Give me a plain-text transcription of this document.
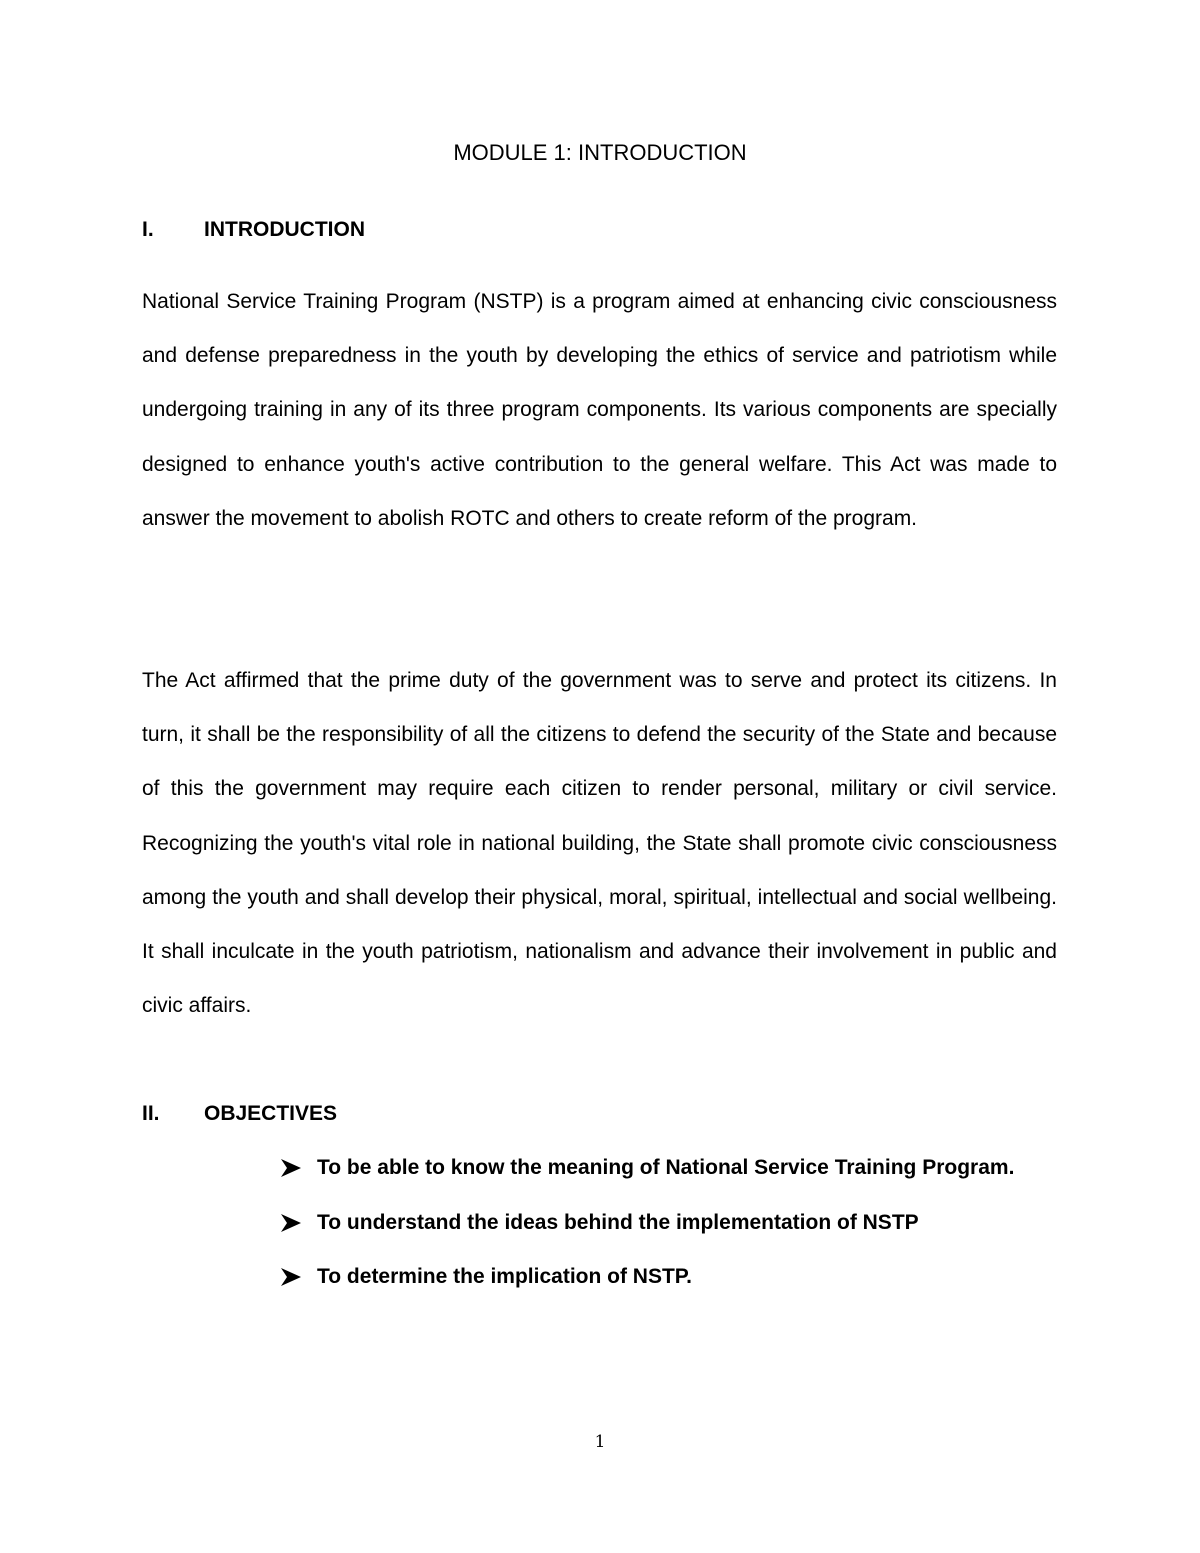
MODULE 1: INTRODUCTION
I. INTRODUCTION

National Service Training Program (NSTP) is a program aimed at enhancing civic consciousness and defense preparedness in the youth by developing the ethics of service and patriotism while undergoing training in any of its three program components. Its various components are specially designed to enhance youth's active contribution to the general welfare. This Act was made to answer the movement to abolish ROTC and others to create reform of the program.

The Act affirmed that the prime duty of the government was to serve and protect its citizens. In turn, it shall be the responsibility of all the citizens to defend the security of the State and because of this the government may require each citizen to render personal, military or civil service. Recognizing the youth's vital role in national building, the State shall promote civic consciousness among the youth and shall develop their physical, moral, spiritual, intellectual and social wellbeing. It shall inculcate in the youth patriotism, nationalism and advance their involvement in public and civic affairs.

II. OBJECTIVES
To be able to know the meaning of National Service Training Program.
To understand the ideas behind the implementation of NSTP
To determine the implication of NSTP.
1
